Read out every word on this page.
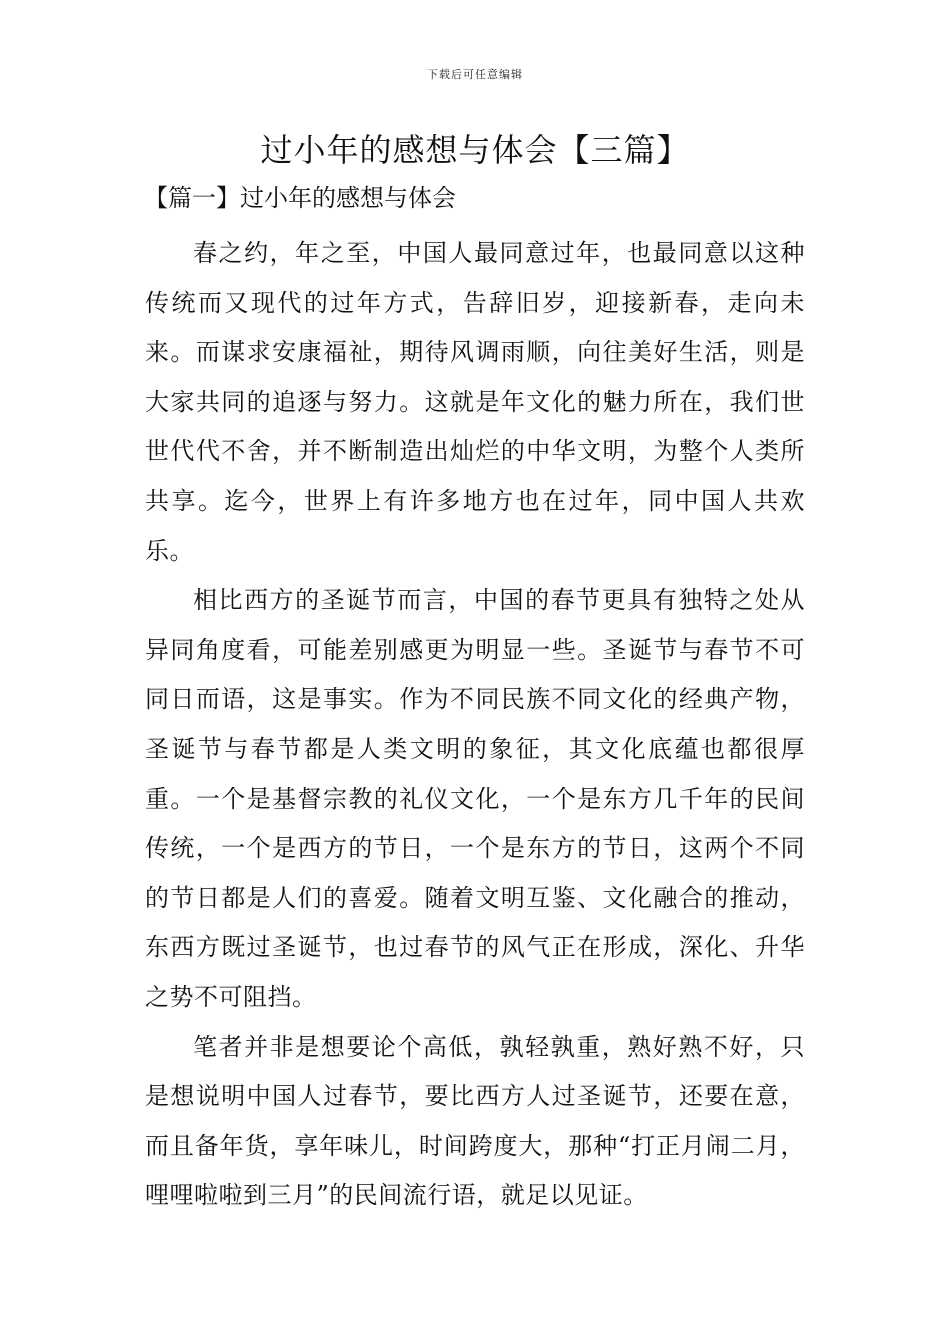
下载后可任意编辑
过小年的感想与体会【三篇】
【篇一】过小年的感想与体会

春之约，年之至，中国人最同意过年，也最同意以这种传统而又现代的过年方式，告辞旧岁，迎接新春，走向未来。而谋求安康福祉，期待风调雨顺，向往美好生活，则是大家共同的追逐与努力。这就是年文化的魅力所在，我们世世代代不舍，并不断制造出灿烂的中华文明，为整个人类所共享。迄今，世界上有许多地方也在过年，同中国人共欢乐。

相比西方的圣诞节而言，中国的春节更具有独特之处从异同角度看，可能差别感更为明显一些。圣诞节与春节不可同日而语，这是事实。作为不同民族不同文化的经典产物，圣诞节与春节都是人类文明的象征，其文化底蕴也都很厚重。一个是基督宗教的礼仪文化，一个是东方几千年的民间传统，一个是西方的节日，一个是东方的节日，这两个不同的节日都是人们的喜爱。随着文明互鉴、文化融合的推动，东西方既过圣诞节，也过春节的风气正在形成，深化、升华之势不可阻挡。

笔者并非是想要论个高低，孰轻孰重，熟好熟不好，只是想说明中国人过春节，要比西方人过圣诞节，还要在意，而且备年货，享年味儿，时间跨度大，那种“打正月闹二月，哩哩啦啦到三月”的民间流行语，就足以见证。
